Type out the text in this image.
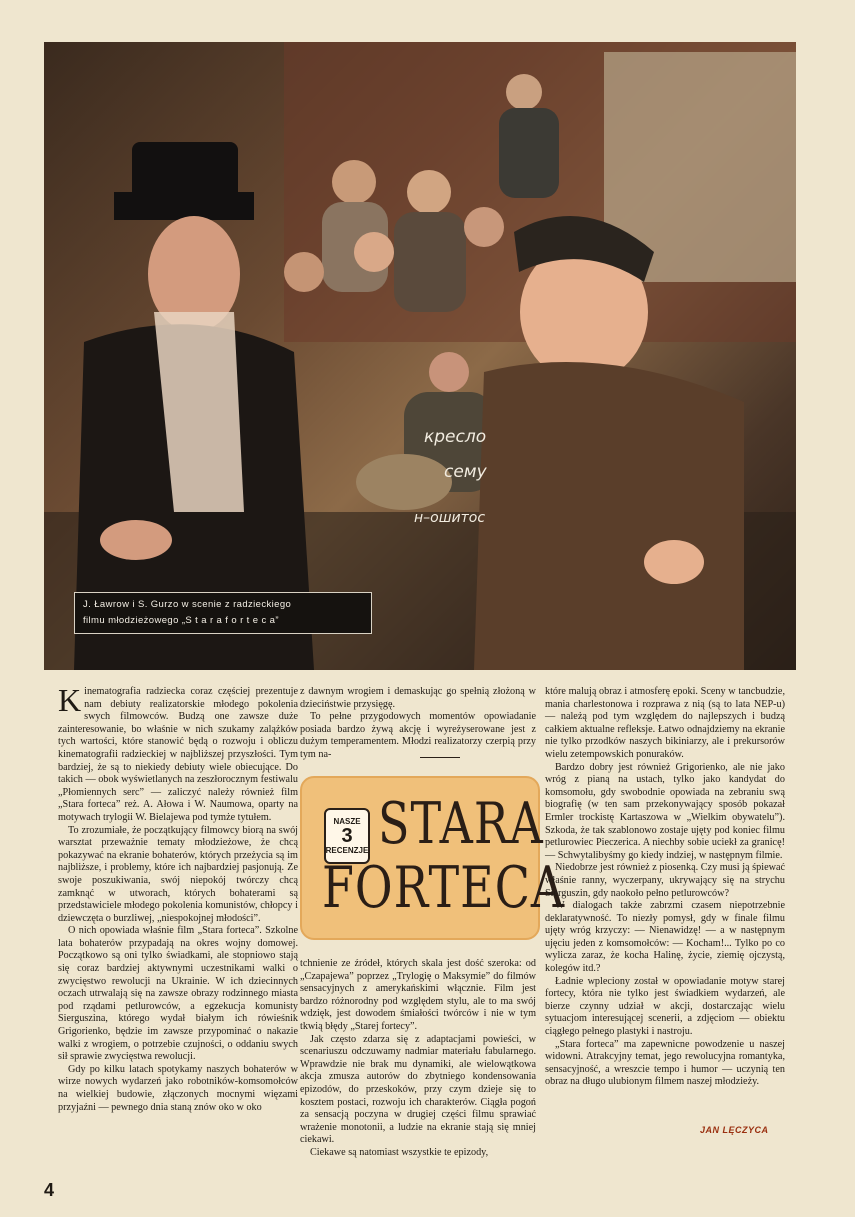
кресло
сему
н–ошитос
J. Ławrow i S. Gurzo w scenie z radzieckiego
filmu młodzieżowego „S t a r a f o r t e c a”

Kinematografia radziecka coraz częściej prezentuje nam debiuty realizatorskie młodego pokolenia swych filmowców. Budzą one zawsze duże zainteresowanie, bo właśnie w nich szukamy zalążków tych wartości, które stanowić będą o rozwoju i obliczu kinematografii radzieckiej w najbliższej przyszłości. Tym bardziej, że są to niekiedy debiuty wiele obiecujące. Do takich — obok wyświetlanych na zeszłorocznym festiwalu „Płomiennych serc” — zaliczyć należy również film „Stara forteca” reż. A. Ałowa i W. Naumowa, oparty na motywach trylogii W. Bielajewa pod tymże tytułem.

To zrozumiałe, że początkujący filmowcy biorą na swój warsztat przeważnie tematy młodzieżowe, że chcą pokazywać na ekranie bohaterów, których przeżycia są im najbliższe, i problemy, które ich najbardziej pasjonują. Ze swoje poszukiwania, swój niepokój twórczy chcą zamknąć w utworach, których bohaterami są przedstawiciele młodego pokolenia komunistów, chłopcy i dziewczęta o burzliwej, „niespokojnej młodości”.

O nich opowiada właśnie film „Stara forteca”. Szkolne lata bohaterów przypadają na okres wojny domowej. Początkowo są oni tylko świadkami, ale stopniowo stają się coraz bardziej aktywnymi uczestnikami walki o zwycięstwo rewolucji na Ukrainie. W ich dziecinnych oczach utrwalają się na zawsze obrazy rodzinnego miasta pod rządami petlurowców, a egzekucja komunisty Sierguszina, którego wydał białym ich rówieśnik Grigorienko, będzie im zawsze przypominać o nakazie walki z wrogiem, o potrzebie czujności, o oddaniu swych sił sprawie zwycięstwa rewolucji.

Gdy po kilku latach spotykamy naszych bohaterów w wirze nowych wydarzeń jako robotników-komsomołców na wielkiej budowie, złączonych mocnymi więzami przyjaźni — pewnego dnia staną znów oko w oko

z dawnym wrogiem i demaskując go spełnią złożoną w dzieciństwie przysięgę.

To pełne przygodowych momentów opowiadanie posiada bardzo żywą akcję i wyreżyserowane jest z dużym temperamentem. Młodzi realizatorzy czerpią przy tym na-

NASZE
3
RECENZJE STARA
FORTECA

tchnienie ze źródeł, których skala jest dość szeroka: od „Czapajewa” poprzez „Trylogię o Maksymie” do filmów sensacyjnych z amerykańskimi włącznie. Film jest bardzo różnorodny pod względem stylu, ale to ma swój wdzięk, jest dowodem śmiałości twórców i nie w tym tkwią błędy „Starej fortecy”.

Jak często zdarza się z adaptacjami powieści, w scenariuszu odczuwamy nadmiar materiału fabularnego. Wprawdzie nie brak mu dynamiki, ale wielowątkowa akcja zmusza autorów do zbytniego kondensowania epizodów, do przeskoków, przy czym dzieje się to kosztem postaci, rozwoju ich charakterów. Ciągła pogoń za sensacją poczyna w drugiej części filmu sprawiać wrażenie monotonii, a ludzie na ekranie stają się mniej ciekawi.

Ciekawe są natomiast wszystkie te epizody,

które malują obraz i atmosferę epoki. Sceny w tancbudzie, mania charlestonowa i rozprawa z nią (są to lata NEP-u) — należą pod tym względem do najlepszych i budzą całkiem aktualne refleksje. Łatwo odnajdziemy na ekranie nie tylko przodków naszych bikiniarzy, ale i prekursorów wielu zetempowskich ponuraków.

Bardzo dobry jest również Grigorienko, ale nie jako wróg z pianą na ustach, tylko jako kandydat do komsomołu, gdy swobodnie opowiada na zebraniu swą biografię (w ten sam przekonywający sposób pokazał Ermler trockistę Kartaszowa w „Wielkim obywatelu”). Szkoda, że tak szablonowo zostaje ujęty pod koniec filmu petlurowiec Pieczerica. A niechby sobie uciekł za granicę! — Schwytalibyśmy go kiedy indziej, w następnym filmie.

Niedobrze jest również z piosenką. Czy musi ją śpiewać właśnie ranny, wyczerpany, ukrywający się na strychu Sierguszin, gdy naokoło pełno petlurowców?

W dialogach także zabrzmi czasem niepotrzebnie deklaratywność. To niezły pomysł, gdy w finale filmu ujęty wróg krzyczy: — Nienawidzę! — a w następnym ujęciu jeden z komsomołców: — Kocham!... Tylko po co wylicza zaraz, że kocha Halinę, życie, ziemię ojczystą, kolegów itd.?

Ładnie wpleciony został w opowiadanie motyw starej fortecy, która nie tylko jest świadkiem wydarzeń, ale bierze czynny udział w akcji, dostarczając wielu sytuacjom interesującej scenerii, a zdjęciom — obiektu ciągłego pełnego plastyki i nastroju.

„Stara forteca” ma zapewnicne powodzenie u naszej widowni. Atrakcyjny temat, jego rewolucyjna romantyka, sensacyjność, a wreszcie tempo i humor — uczynią ten obraz na długo ulubionym filmem naszej młodzieży.

JAN LĘCZYCA
4
